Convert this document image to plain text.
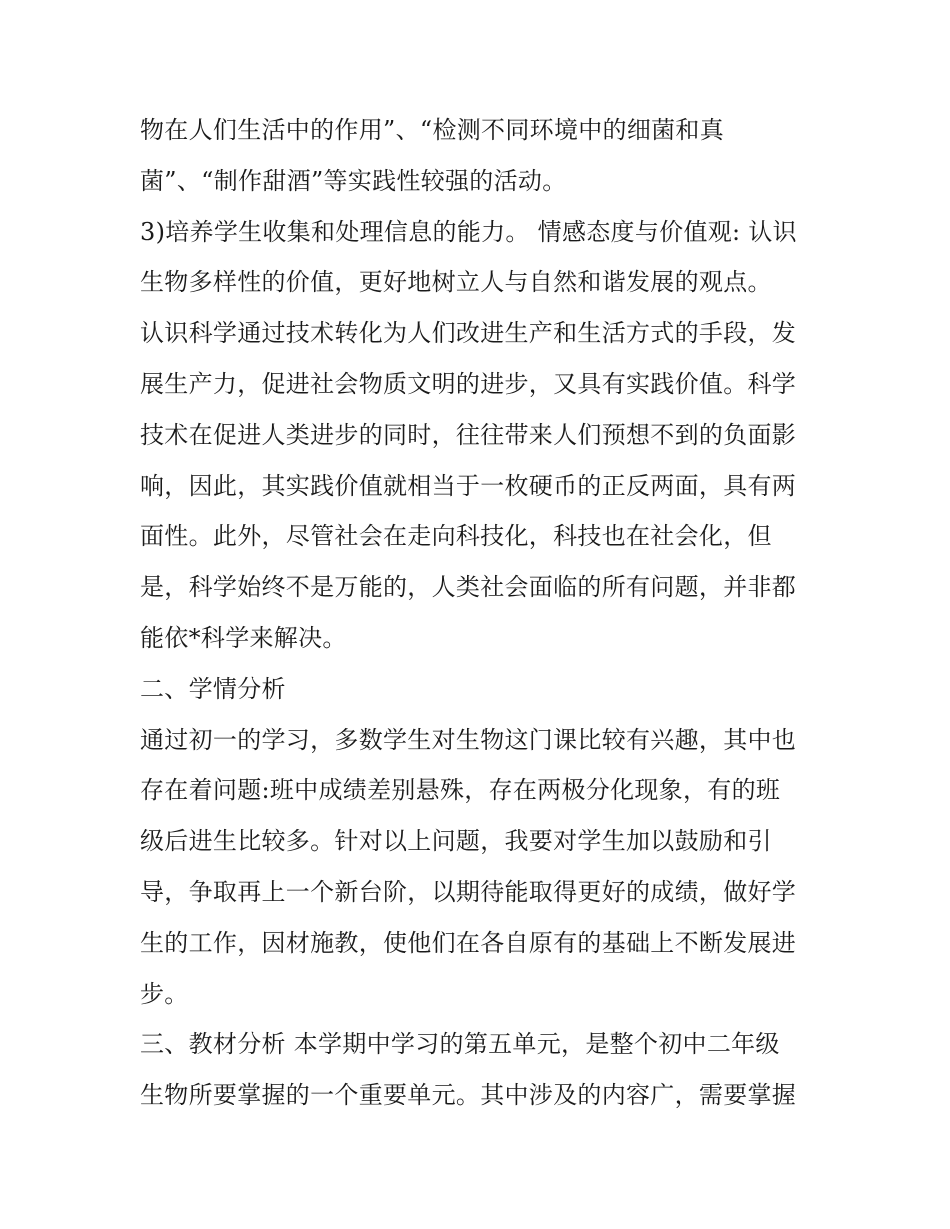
物在人们生活中的作用”、“检测不同环境中的细菌和真
菌”、“制作甜酒”等实践性较强的活动。
3)培养学生收集和处理信息的能力。 情感态度与价值观: 认识
生物多样性的价值，更好地树立人与自然和谐发展的观点。
认识科学通过技术转化为人们改进生产和生活方式的手段，发
展生产力，促进社会物质文明的进步，又具有实践价值。科学
技术在促进人类进步的同时，往往带来人们预想不到的负面影
响，因此，其实践价值就相当于一枚硬币的正反两面，具有两
面性。此外，尽管社会在走向科技化，科技也在社会化，但
是，科学始终不是万能的，人类社会面临的所有问题，并非都
能依*科学来解决。
二、学情分析
通过初一的学习，多数学生对生物这门课比较有兴趣，其中也
存在着问题:班中成绩差别悬殊，存在两极分化现象，有的班
级后进生比较多。针对以上问题，我要对学生加以鼓励和引
导，争取再上一个新台阶，以期待能取得更好的成绩，做好学
生的工作，因材施教，使他们在各自原有的基础上不断发展进
步。
三、教材分析 本学期中学习的第五单元，是整个初中二年级
生物所要掌握的一个重要单元。其中涉及的内容广，需要掌握
